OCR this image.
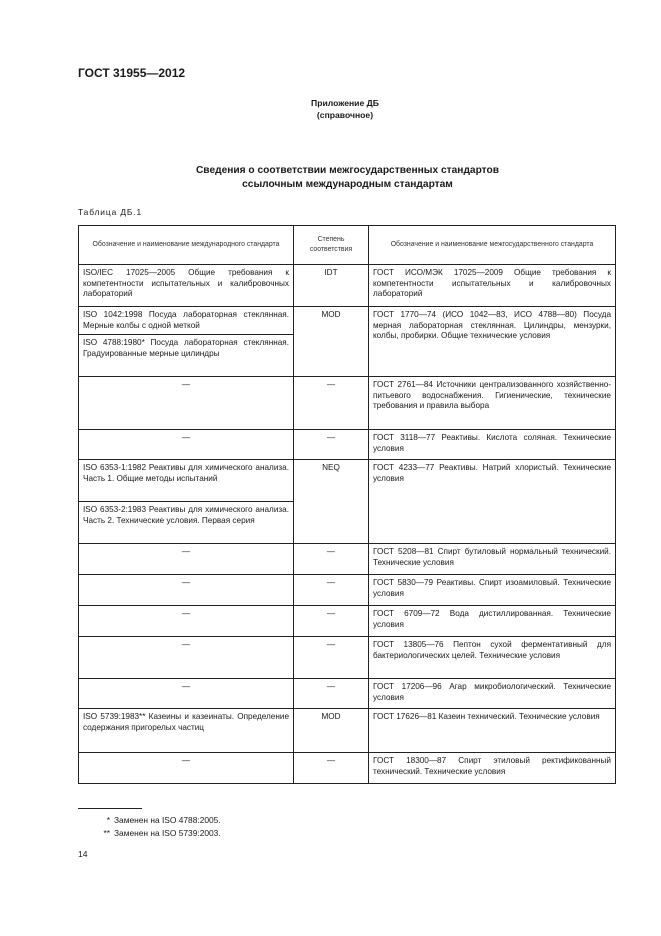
ГОСТ 31955—2012
Приложение ДБ
(справочное)
Сведения о соответствии межгосударственных стандартов
ссылочным международным стандартам
Таблица ДБ.1
Обозначение и наименование международного стандарта	Степень соответствия	Обозначение и наименование межгосударственного стандарта
ISO/IEC 17025—2005 Общие требования к компетентности испытательных и калибровочных лабораторий	IDT	ГОСТ ИСО/МЭК 17025—2009 Общие требования к компетентности испытательных и калибровочных лабораторий
ISO 1042:1998 Посуда лабораторная стеклянная. Мерные колбы с одной меткой	MOD	ГОСТ 1770—74 (ИСО 1042—83, ИСО 4788—80) Посуда мерная лабораторная стеклянная. Цилиндры, мензурки, колбы, пробирки. Общие технические условия
ISO 4788:1980* Посуда лабораторная стеклянная. Градуированные мерные цилиндры		
—	—	ГОСТ 2761—84 Источники централизованного хозяйственно-питьевого водоснабжения. Гигиенические, технические требования и правила выбора
—	—	ГОСТ 3118—77 Реактивы. Кислота соляная. Технические условия
ISO 6353-1:1982 Реактивы для химического анализа. Часть 1. Общие методы испытаний	NEQ	ГОСТ 4233—77 Реактивы. Натрий хлористый. Технические условия
ISO 6353-2:1983 Реактивы для химического анализа. Часть 2. Технические условия. Первая серия		
—	—	ГОСТ 5208—81 Спирт бутиловый нормальный технический. Технические условия
—	—	ГОСТ 5830—79 Реактивы. Спирт изоамиловый. Технические условия
—	—	ГОСТ 6709—72 Вода дистиллированная. Технические условия
—	—	ГОСТ 13805—76 Пептон сухой ферментативный для бактериологических целей. Технические условия
—	—	ГОСТ 17206—96 Агар микробиологический. Технические условия
ISO 5739:1983** Казеины и казеинаты. Определение содержания пригорелых частиц	MOD	ГОСТ 17626—81 Казеин технический. Технические условия
—	—	ГОСТ 18300—87 Спирт этиловый ректификованный технический. Технические условия
* Заменен на ISO 4788:2005.
** Заменен на ISO 5739:2003.
14
